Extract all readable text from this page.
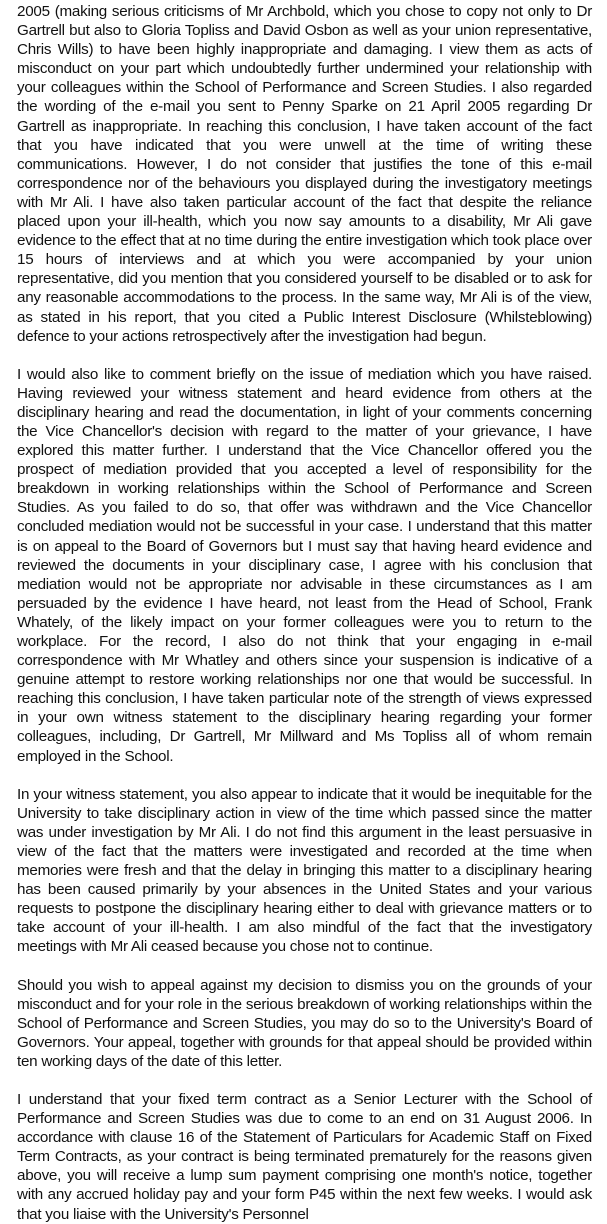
2005 (making serious criticisms of Mr Archbold, which you chose to copy not only to Dr Gartrell but also to Gloria Topliss and David Osbon as well as your union representative, Chris Wills) to have been highly inappropriate and damaging. I view them as acts of misconduct on your part which undoubtedly further undermined your relationship with your colleagues within the School of Performance and Screen Studies. I also regarded the wording of the e-mail you sent to Penny Sparke on 21 April 2005 regarding Dr Gartrell as inappropriate. In reaching this conclusion, I have taken account of the fact that you have indicated that you were unwell at the time of writing these communications. However, I do not consider that justifies the tone of this e-mail correspondence nor of the behaviours you displayed during the investigatory meetings with Mr Ali. I have also taken particular account of the fact that despite the reliance placed upon your ill-health, which you now say amounts to a disability, Mr Ali gave evidence to the effect that at no time during the entire investigation which took place over 15 hours of interviews and at which you were accompanied by your union representative, did you mention that you considered yourself to be disabled or to ask for any reasonable accommodations to the process. In the same way, Mr Ali is of the view, as stated in his report, that you cited a Public Interest Disclosure (Whilsteblowing) defence to your actions retrospectively after the investigation had begun.

I would also like to comment briefly on the issue of mediation which you have raised. Having reviewed your witness statement and heard evidence from others at the disciplinary hearing and read the documentation, in light of your comments concerning the Vice Chancellor's decision with regard to the matter of your grievance, I have explored this matter further. I understand that the Vice Chancellor offered you the prospect of mediation provided that you accepted a level of responsibility for the breakdown in working relationships within the School of Performance and Screen Studies. As you failed to do so, that offer was withdrawn and the Vice Chancellor concluded mediation would not be successful in your case. I understand that this matter is on appeal to the Board of Governors but I must say that having heard evidence and reviewed the documents in your disciplinary case, I agree with his conclusion that mediation would not be appropriate nor advisable in these circumstances as I am persuaded by the evidence I have heard, not least from the Head of School, Frank Whately, of the likely impact on your former colleagues were you to return to the workplace. For the record, I also do not think that your engaging in e-mail correspondence with Mr Whatley and others since your suspension is indicative of a genuine attempt to restore working relationships nor one that would be successful. In reaching this conclusion, I have taken particular note of the strength of views expressed in your own witness statement to the disciplinary hearing regarding your former colleagues, including, Dr Gartrell, Mr Millward and Ms Topliss all of whom remain employed in the School.

In your witness statement, you also appear to indicate that it would be inequitable for the University to take disciplinary action in view of the time which passed since the matter was under investigation by Mr Ali. I do not find this argument in the least persuasive in view of the fact that the matters were investigated and recorded at the time when memories were fresh and that the delay in bringing this matter to a disciplinary hearing has been caused primarily by your absences in the United States and your various requests to postpone the disciplinary hearing either to deal with grievance matters or to take account of your ill-health. I am also mindful of the fact that the investigatory meetings with Mr Ali ceased because you chose not to continue.

Should you wish to appeal against my decision to dismiss you on the grounds of your misconduct and for your role in the serious breakdown of working relationships within the School of Performance and Screen Studies, you may do so to the University's Board of Governors. Your appeal, together with grounds for that appeal should be provided within ten working days of the date of this letter.

I understand that your fixed term contract as a Senior Lecturer with the School of Performance and Screen Studies was due to come to an end on 31 August 2006. In accordance with clause 16 of the Statement of Particulars for Academic Staff on Fixed Term Contracts, as your contract is being terminated prematurely for the reasons given above, you will receive a lump sum payment comprising one month's notice, together with any accrued holiday pay and your form P45 within the next few weeks. I would ask that you liaise with the University's Personnel
